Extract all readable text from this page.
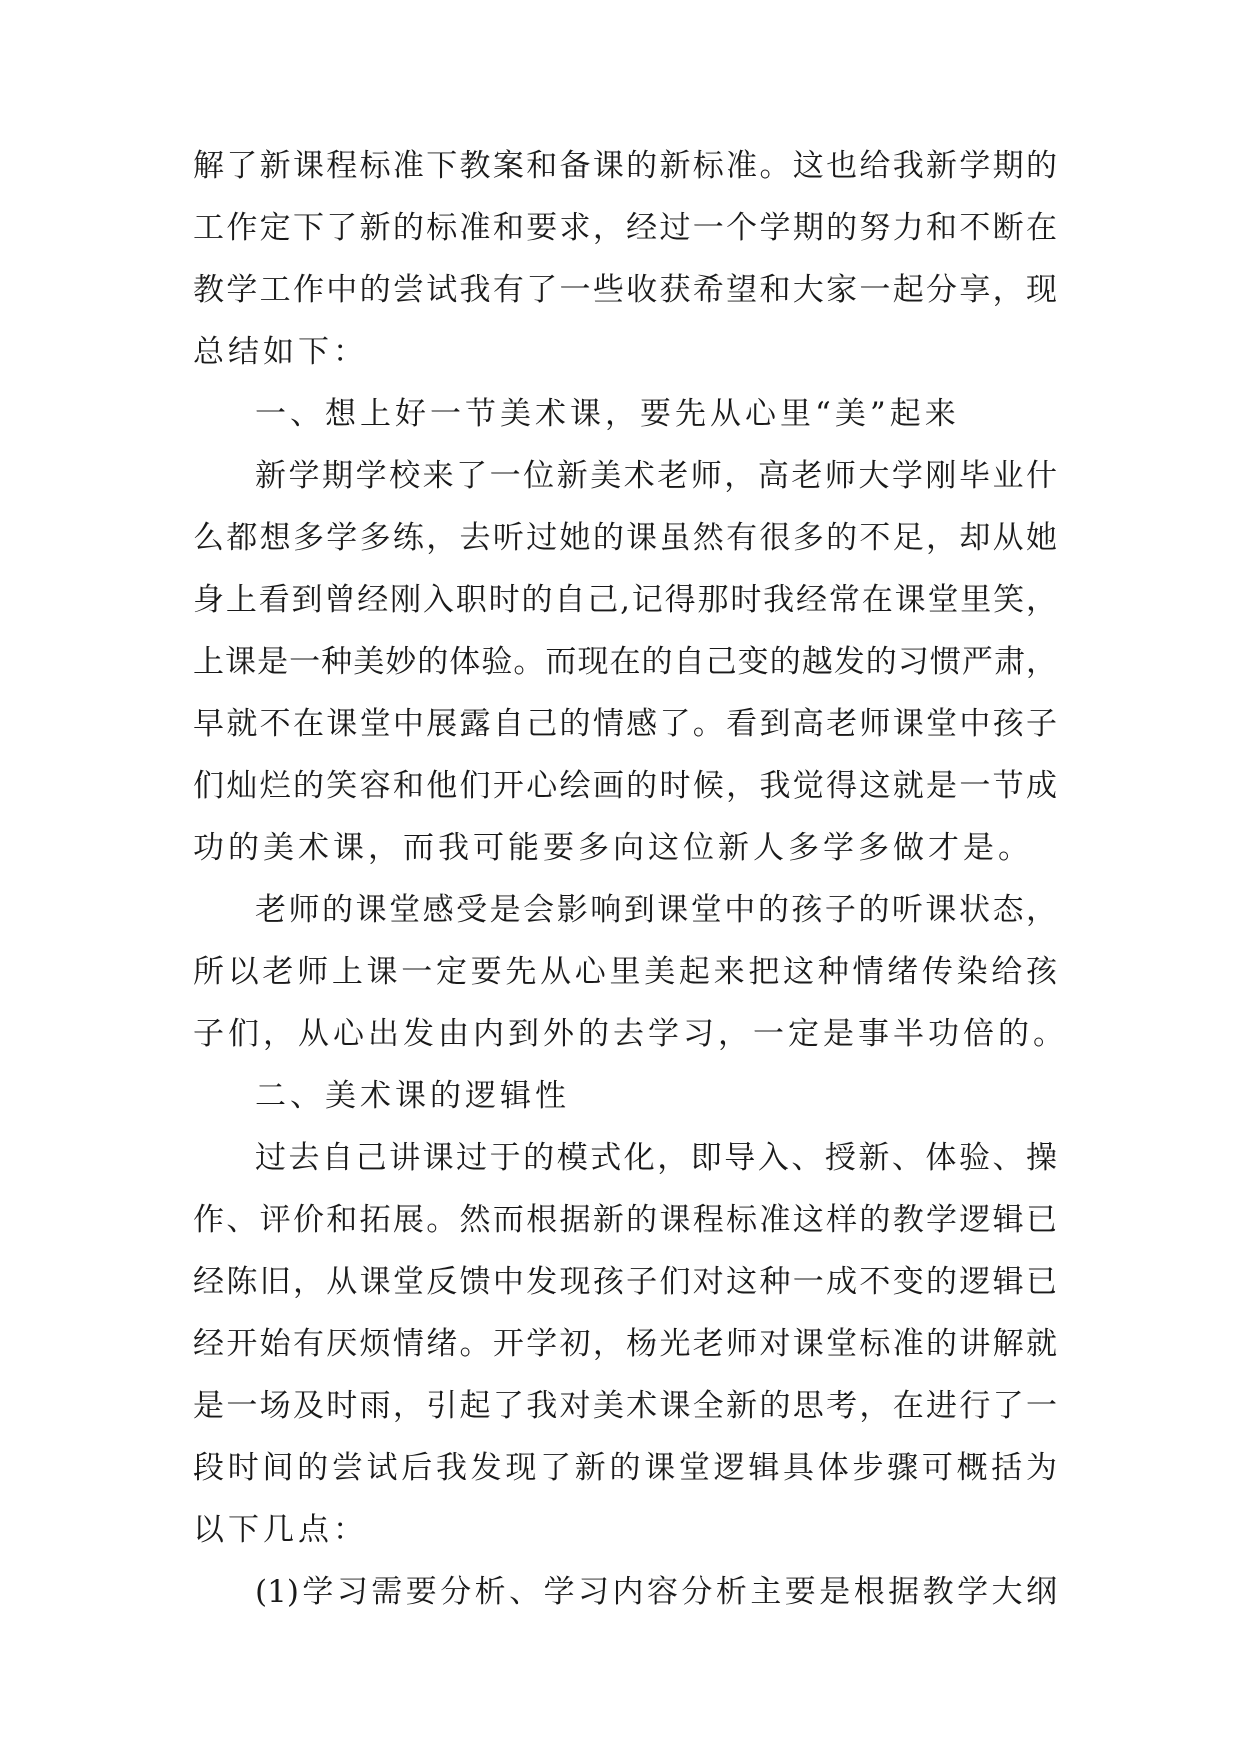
解了新课程标准下教案和备课的新标准。这也给我新学期的
工作定下了新的标准和要求，经过一个学期的努力和不断在
教学工作中的尝试我有了一些收获希望和大家一起分享，现
总结如下：
一、想上好一节美术课，要先从心里“美”起来
新学期学校来了一位新美术老师，高老师大学刚毕业什
么都想多学多练，去听过她的课虽然有很多的不足，却从她
身上看到曾经刚入职时的自己,记得那时我经常在课堂里笑，
上课是一种美妙的体验。而现在的自己变的越发的习惯严肃，
早就不在课堂中展露自己的情感了。看到高老师课堂中孩子
们灿烂的笑容和他们开心绘画的时候，我觉得这就是一节成
功的美术课，而我可能要多向这位新人多学多做才是。
老师的课堂感受是会影响到课堂中的孩子的听课状态，
所以老师上课一定要先从心里美起来把这种情绪传染给孩
子们，从心出发由内到外的去学习，一定是事半功倍的。
二、美术课的逻辑性
过去自己讲课过于的模式化，即导入、授新、体验、操
作、评价和拓展。然而根据新的课程标准这样的教学逻辑已
经陈旧，从课堂反馈中发现孩子们对这种一成不变的逻辑已
经开始有厌烦情绪。开学初，杨光老师对课堂标准的讲解就
是一场及时雨，引起了我对美术课全新的思考，在进行了一
段时间的尝试后我发现了新的课堂逻辑具体步骤可概括为
以下几点：
(1)学习需要分析、学习内容分析主要是根据教学大纲
